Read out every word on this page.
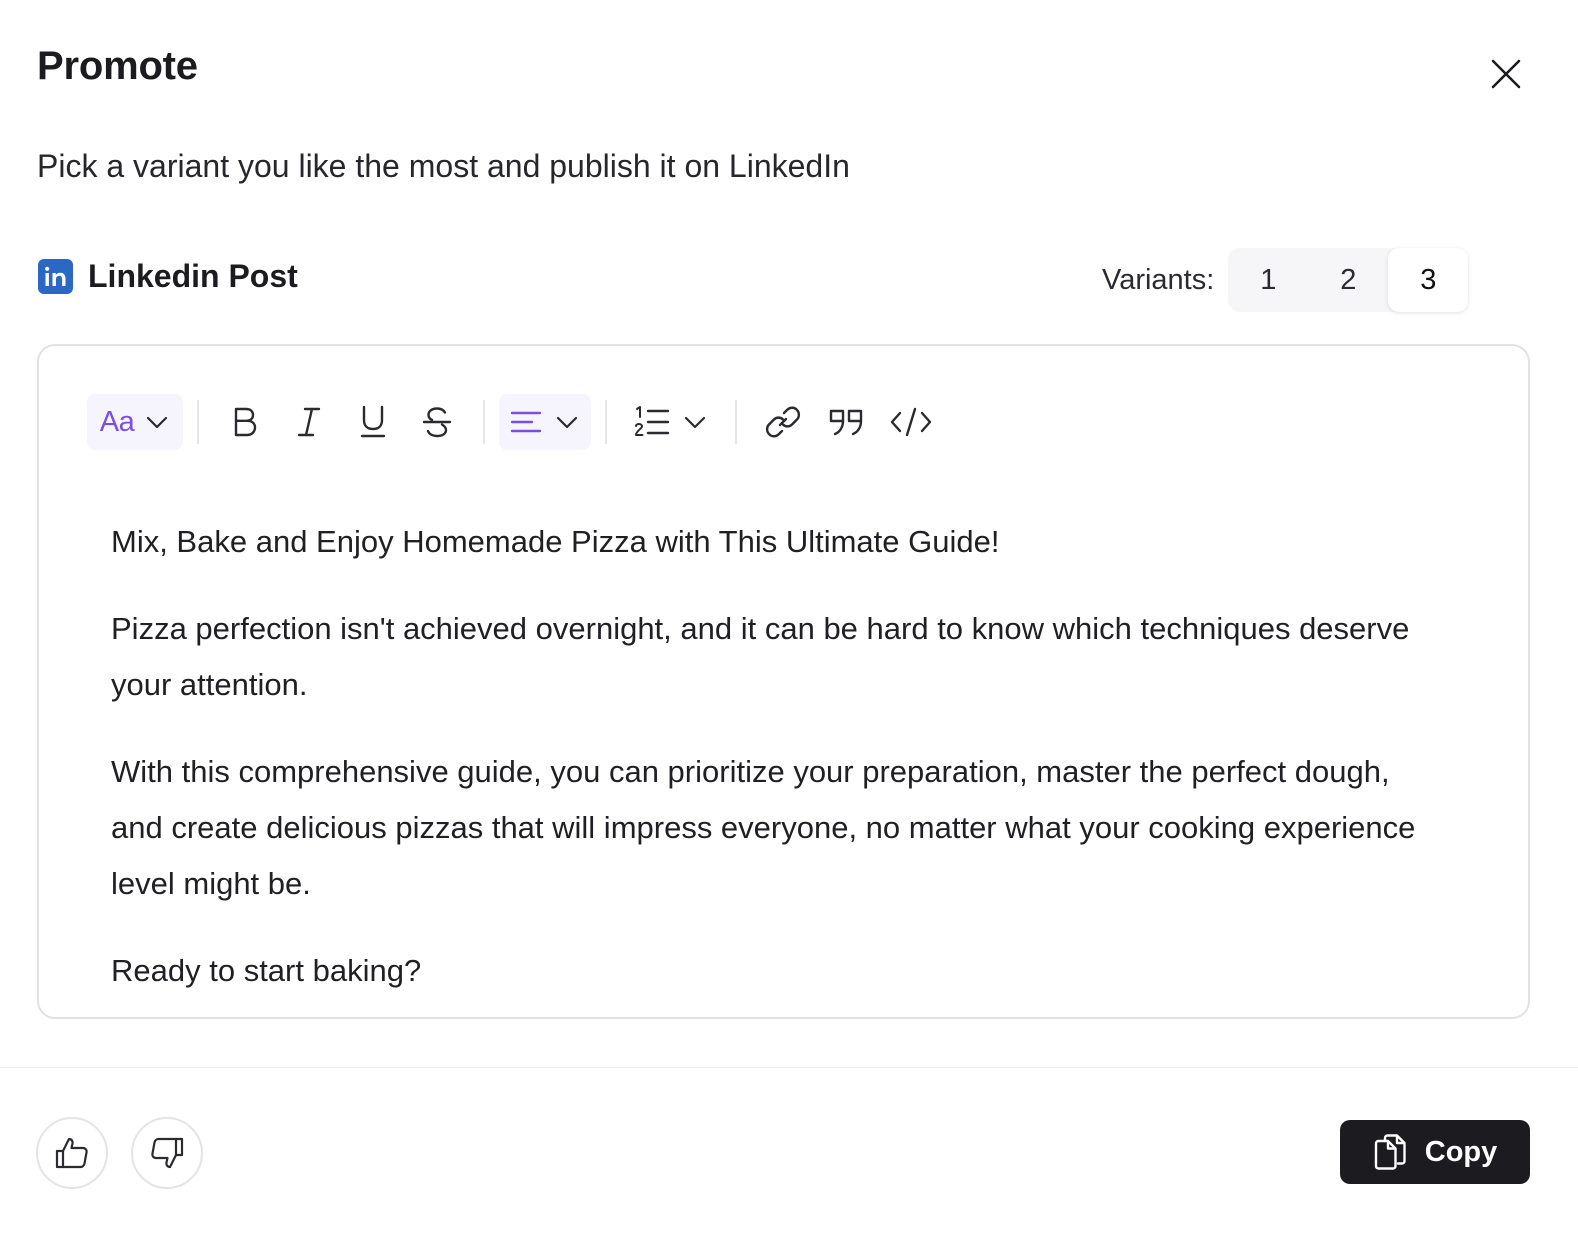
Promote
Pick a variant you like the most and publish it on LinkedIn
Linkedin Post	Variants:	1	2	3
Aa

Mix, Bake and Enjoy Homemade Pizza with This Ultimate Guide!

Pizza perfection isn't achieved overnight, and it can be hard to know which techniques deserve your attention.

With this comprehensive guide, you can prioritize your preparation, master the perfect dough, and create delicious pizzas that will impress everyone, no matter what your cooking experience level might be.

Ready to start baking?

Copy
